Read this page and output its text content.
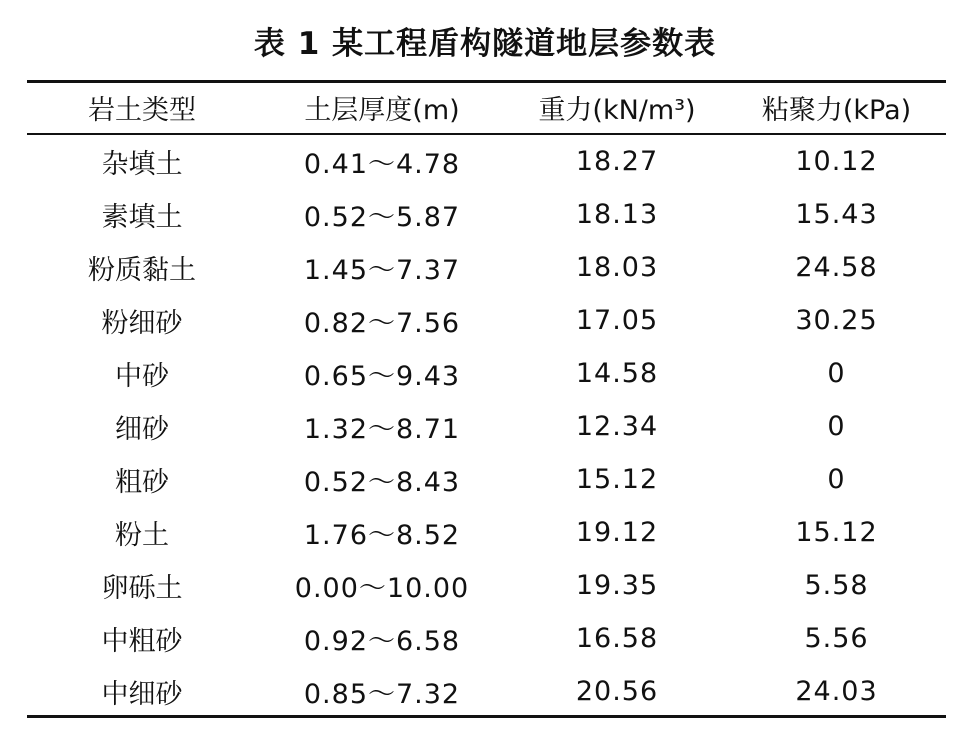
表 1 某工程盾构隧道地层参数表
岩土类型	土层厚度(m)	重力(kN/m³)	粘聚力(kPa)
杂填土	0.41～4.78	18.27	10.12
素填土	0.52～5.87	18.13	15.43
粉质黏土	1.45～7.37	18.03	24.58
粉细砂	0.82～7.56	17.05	30.25
中砂	0.65～9.43	14.58	0
细砂	1.32～8.71	12.34	0
粗砂	0.52～8.43	15.12	0
粉土	1.76～8.52	19.12	15.12
卵砾土	0.00～10.00	19.35	5.58
中粗砂	0.92～6.58	16.58	5.56
中细砂	0.85～7.32	20.56	24.03
